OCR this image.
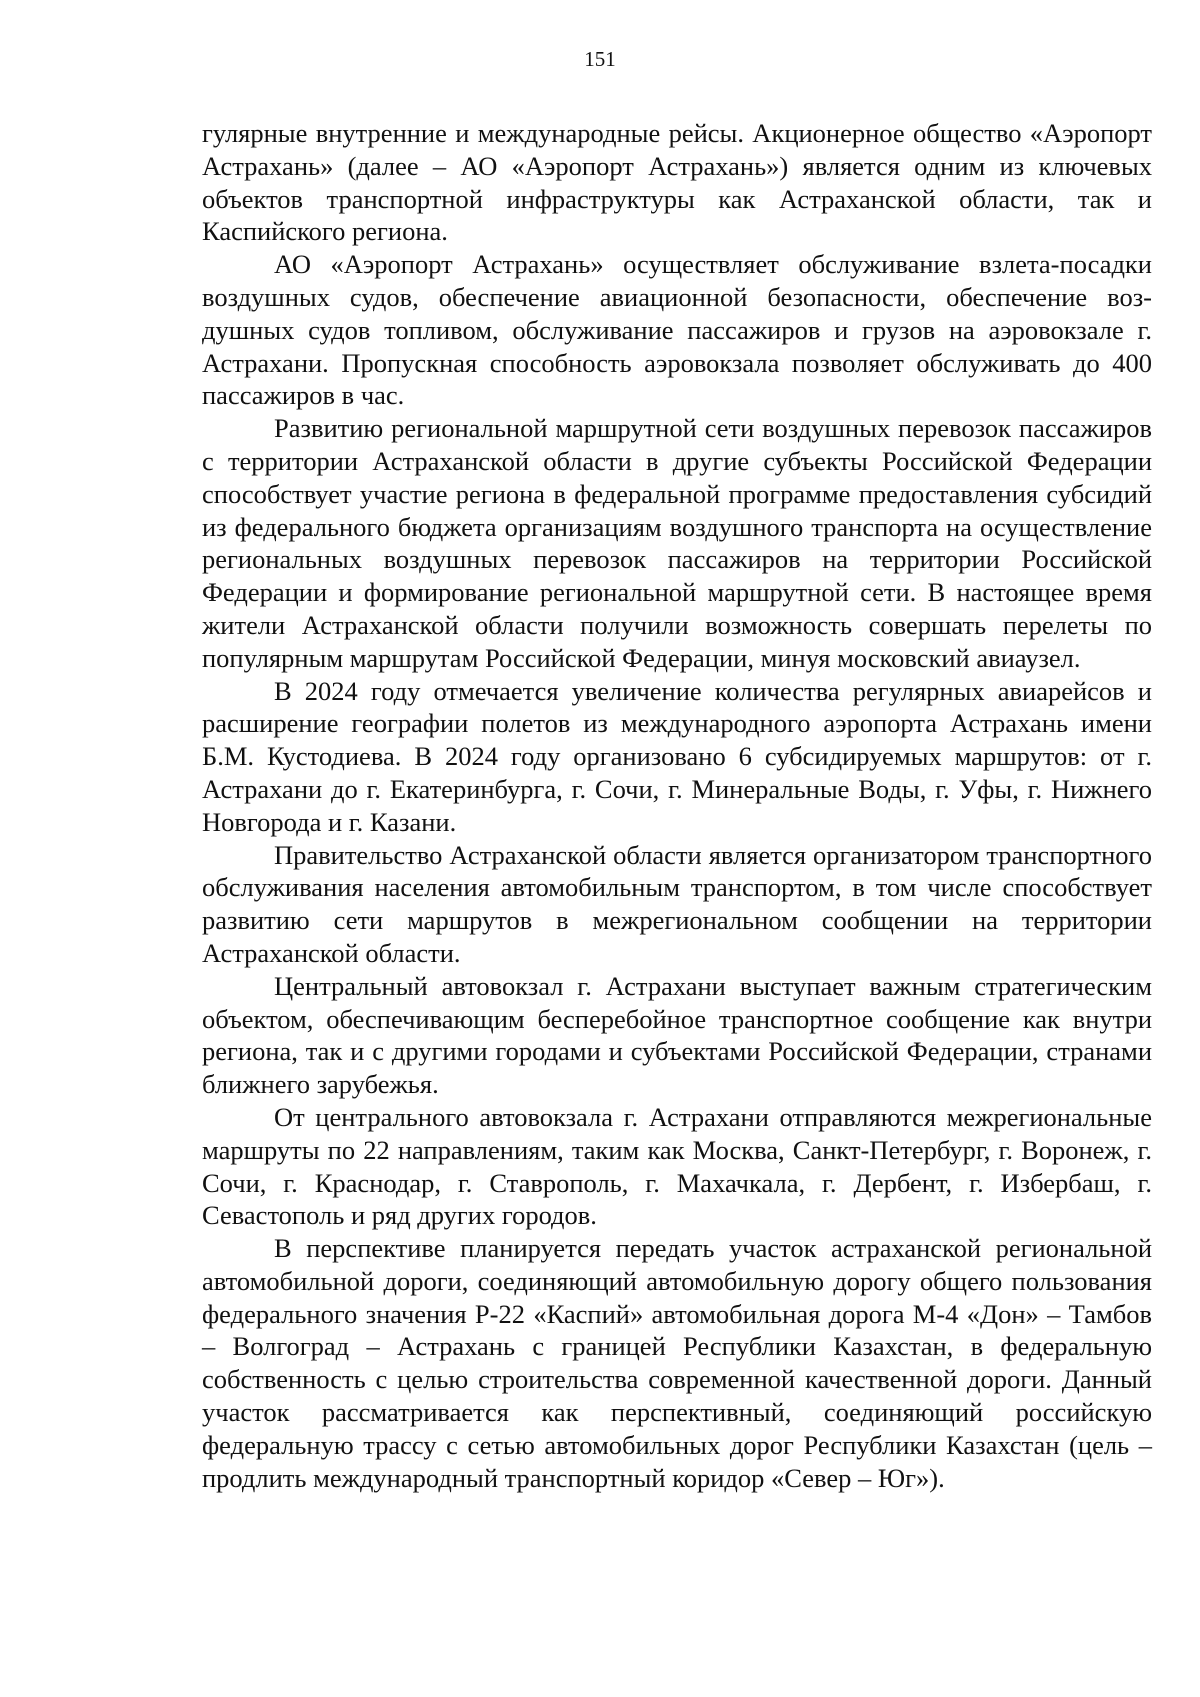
151

гулярные внутренние и международные рейсы. Акционерное общество «Аэропорт Астрахань» (далее – АО «Аэропорт Астрахань») является одним из ключевых объектов транспортной инфраструктуры как Астраханской области, так и Каспийского региона.

АО «Аэропорт Астрахань» осуществляет обслуживание взлета-посадки воздушных судов, обеспечение авиационной безопасности, обеспечение воздушных судов топливом, обслуживание пассажиров и грузов на аэровокзале г. Астрахани. Пропускная способность аэровокзала позволяет обслуживать до 400 пассажиров в час.

Развитию региональной маршрутной сети воздушных перевозок пассажиров с территории Астраханской области в другие субъекты Российской Федерации способствует участие региона в федеральной программе предоставления субсидий из федерального бюджета организациям воздушного транспорта на осуществление региональных воздушных перевозок пассажиров на территории Российской Федерации и формирование региональной маршрутной сети. В настоящее время жители Астраханской области получили возможность совершать перелеты по популярным маршрутам Российской Федерации, минуя московский авиаузел.

В 2024 году отмечается увеличение количества регулярных авиарейсов и расширение географии полетов из международного аэропорта Астрахань имени Б.М. Кустодиева. В 2024 году организовано 6 субсидируемых маршрутов: от г. Астрахани до г. Екатеринбурга, г. Сочи, г. Минеральные Воды, г. Уфы, г. Нижнего Новгорода и г. Казани.

Правительство Астраханской области является организатором транспортного обслуживания населения автомобильным транспортом, в том числе способствует развитию сети маршрутов в межрегиональном сообщении на территории Астраханской области.

Центральный автовокзал г. Астрахани выступает важным стратегическим объектом, обеспечивающим бесперебойное транспортное сообщение как внутри региона, так и с другими городами и субъектами Российской Федерации, странами ближнего зарубежья.

От центрального автовокзала г. Астрахани отправляются межрегиональные маршруты по 22 направлениям, таким как Москва, Санкт-Петербург, г. Воронеж, г. Сочи, г. Краснодар, г. Ставрополь, г. Махачкала, г. Дербент, г. Избербаш, г. Севастополь и ряд других городов.

В перспективе планируется передать участок астраханской региональной автомобильной дороги, соединяющий автомобильную дорогу общего пользования федерального значения Р-22 «Каспий» автомобильная дорога М-4 «Дон» – Тамбов – Волгоград – Астрахань с границей Республики Казахстан, в федеральную собственность с целью строительства современной качественной дороги. Данный участок рассматривается как перспективный, соединяющий российскую федеральную трассу с сетью автомобильных дорог Республики Казахстан (цель – продлить международный транспортный коридор «Север – Юг»).
